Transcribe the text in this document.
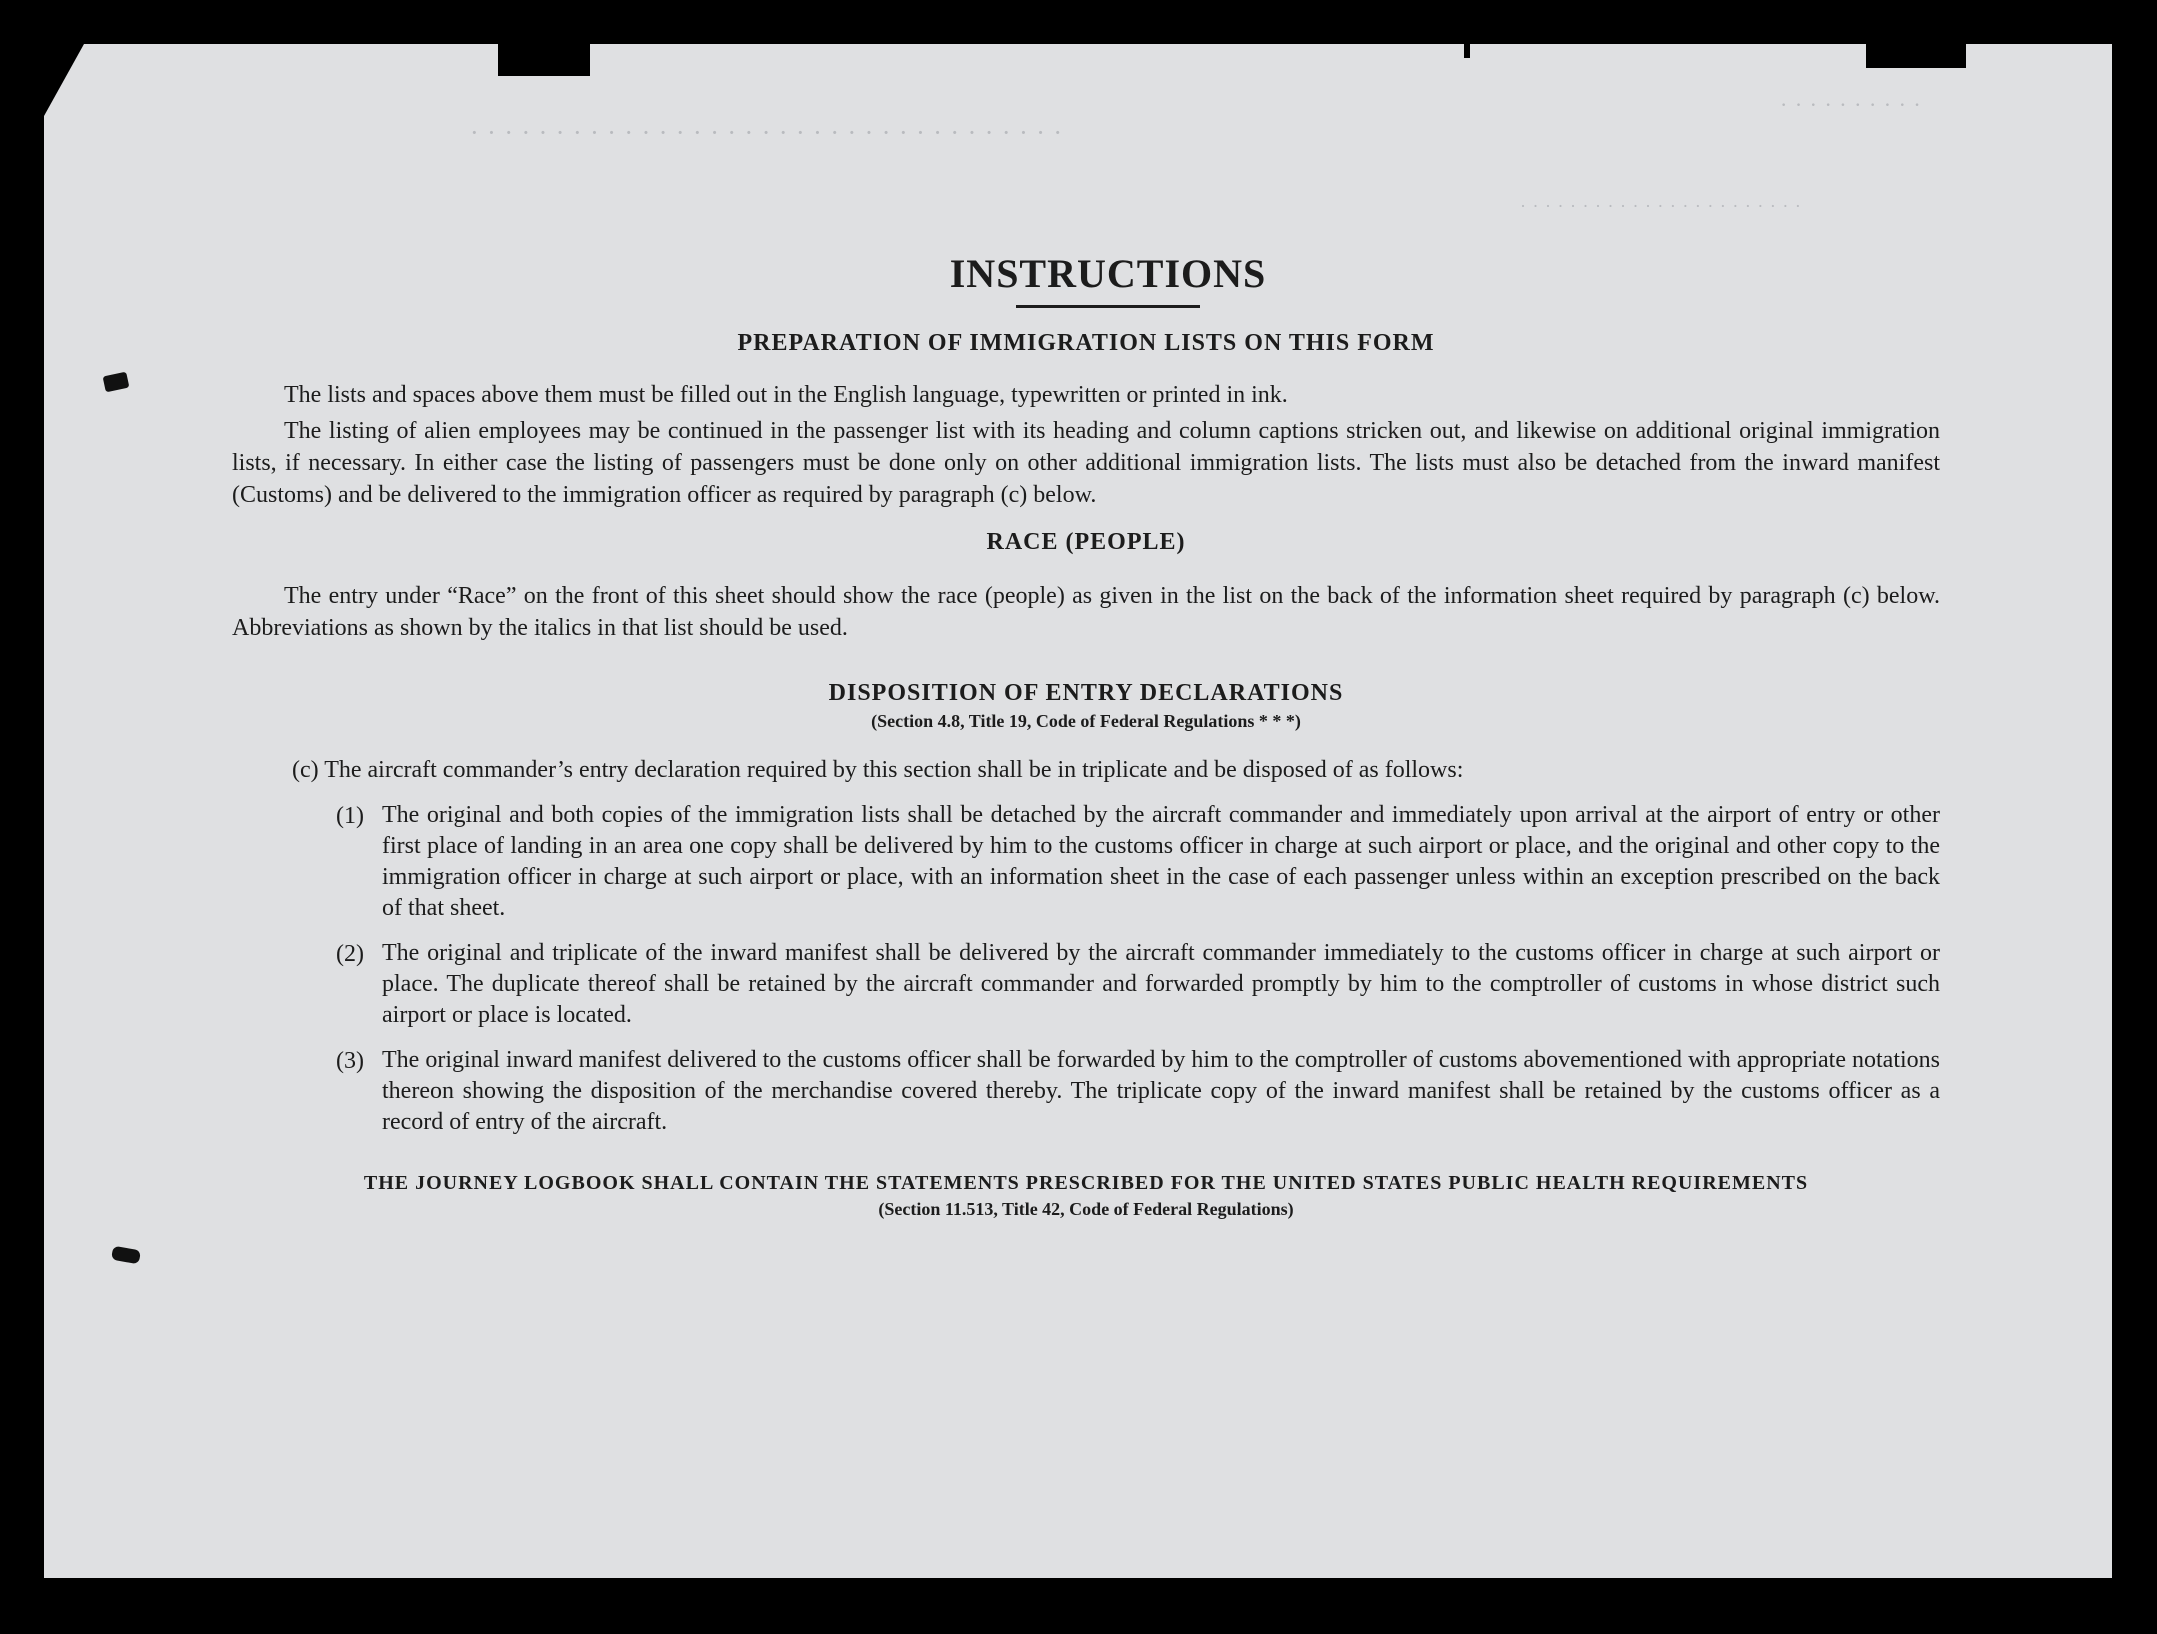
· · · · · · · · · · · · · · · · · · · · · · · · · · · · · · · · · · ·
· · · · · · · · · ·
· · · · · · · · · · · · · · · · · · · · · · ·
INSTRUCTIONS
PREPARATION OF IMMIGRATION LISTS ON THIS FORM

The lists and spaces above them must be filled out in the English language, typewritten or printed in ink.

The listing of alien employees may be continued in the passenger list with its heading and column captions stricken out, and likewise on additional original immigration lists, if necessary. In either case the listing of passengers must be done only on other additional immigration lists. The lists must also be detached from the inward manifest (Customs) and be delivered to the immigration officer as required by paragraph (c) below.

RACE (PEOPLE)

The entry under “Race” on the front of this sheet should show the race (people) as given in the list on the back of the information sheet required by paragraph (c) below. Abbreviations as shown by the italics in that list should be used.

DISPOSITION OF ENTRY DECLARATIONS
(Section 4.8, Title 19, Code of Federal Regulations * * *)

(c) The aircraft commander’s entry declaration required by this section shall be in triplicate and be disposed of as follows:

(1) The original and both copies of the immigration lists shall be detached by the aircraft commander and immediately upon arrival at the airport of entry or other first place of landing in an area one copy shall be delivered by him to the customs officer in charge at such airport or place, and the original and other copy to the immigration officer in charge at such airport or place, with an information sheet in the case of each passenger unless within an exception prescribed on the back of that sheet.
(2) The original and triplicate of the inward manifest shall be delivered by the aircraft commander immediately to the customs officer in charge at such airport or place. The duplicate thereof shall be retained by the aircraft commander and forwarded promptly by him to the comptroller of customs in whose district such airport or place is located.
(3) The original inward manifest delivered to the customs officer shall be forwarded by him to the comptroller of customs abovementioned with appropriate notations thereon showing the disposition of the merchandise covered thereby. The triplicate copy of the inward manifest shall be retained by the customs officer as a record of entry of the aircraft.
THE JOURNEY LOGBOOK SHALL CONTAIN THE STATEMENTS PRESCRIBED FOR THE UNITED STATES PUBLIC HEALTH REQUIREMENTS
(Section 11.513, Title 42, Code of Federal Regulations)
